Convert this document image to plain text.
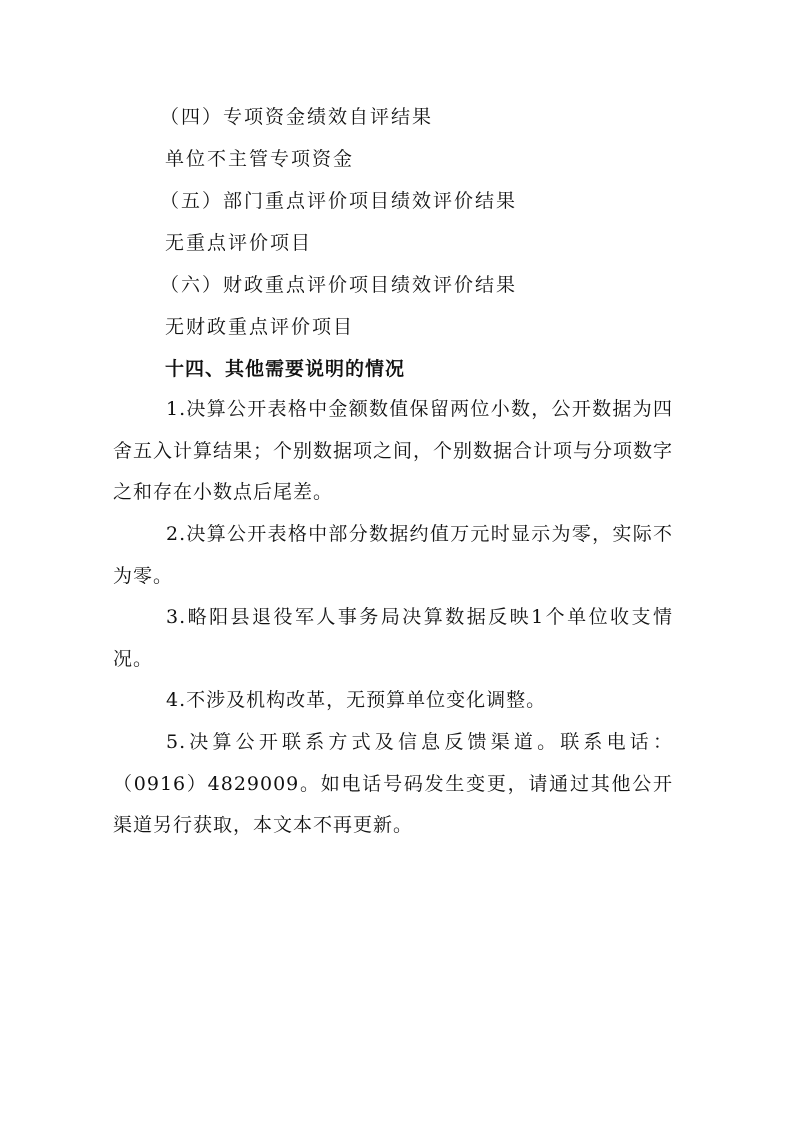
（四）专项资金绩效自评结果
单位不主管专项资金
（五）部门重点评价项目绩效评价结果
无重点评价项目
（六）财政重点评价项目绩效评价结果
无财政重点评价项目
十四、其他需要说明的情况
1.决算公开表格中金额数值保留两位小数，公开数据为四舍五入计算结果；个别数据项之间，个别数据合计项与分项数字之和存在小数点后尾差。
2.决算公开表格中部分数据约值万元时显示为零，实际不为零。
3.略阳县退役军人事务局决算数据反映1个单位收支情况。
4.不涉及机构改革，无预算单位变化调整。
5.决算公开联系方式及信息反馈渠道。联系电话：（0916）4829009。如电话号码发生变更，请通过其他公开渠道另行获取，本文本不再更新。
